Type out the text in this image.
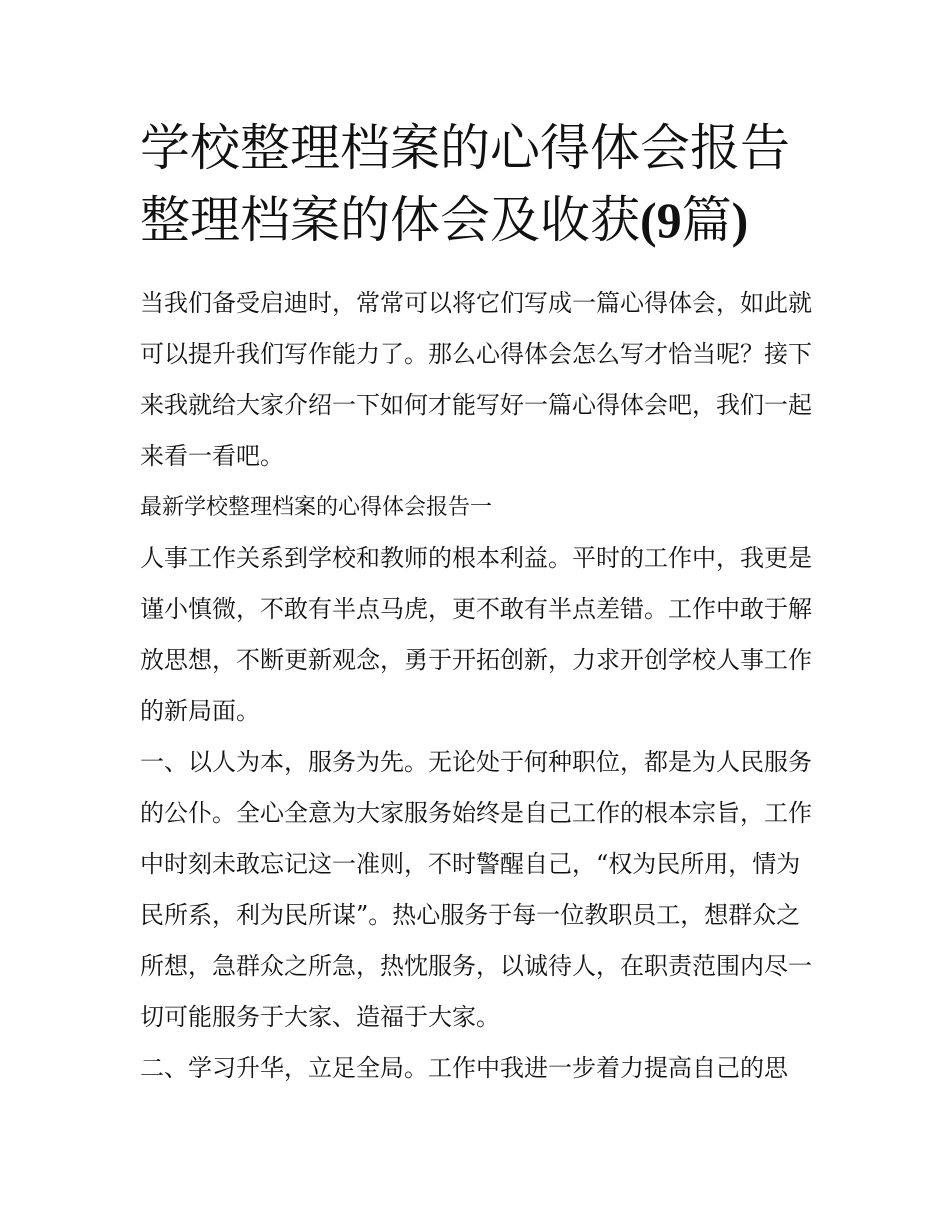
学校整理档案的心得体会报告
整理档案的体会及收获(9篇)

当我们备受启迪时，常常可以将它们写成一篇心得体会，如此就可以提升我们写作能力了。那么心得体会怎么写才恰当呢？接下来我就给大家介绍一下如何才能写好一篇心得体会吧，我们一起来看一看吧。

最新学校整理档案的心得体会报告一

人事工作关系到学校和教师的根本利益。平时的工作中，我更是谨小慎微，不敢有半点马虎，更不敢有半点差错。工作中敢于解放思想，不断更新观念，勇于开拓创新，力求开创学校人事工作的新局面。

一、以人为本，服务为先。无论处于何种职位，都是为人民服务的公仆。全心全意为大家服务始终是自己工作的根本宗旨，工作中时刻未敢忘记这一准则，不时警醒自己，“权为民所用，情为民所系，利为民所谋”。热心服务于每一位教职员工，想群众之所想，急群众之所急，热忱服务，以诚待人，在职责范围内尽一切可能服务于大家、造福于大家。

二、学习升华，立足全局。工作中我进一步着力提高自己的思
